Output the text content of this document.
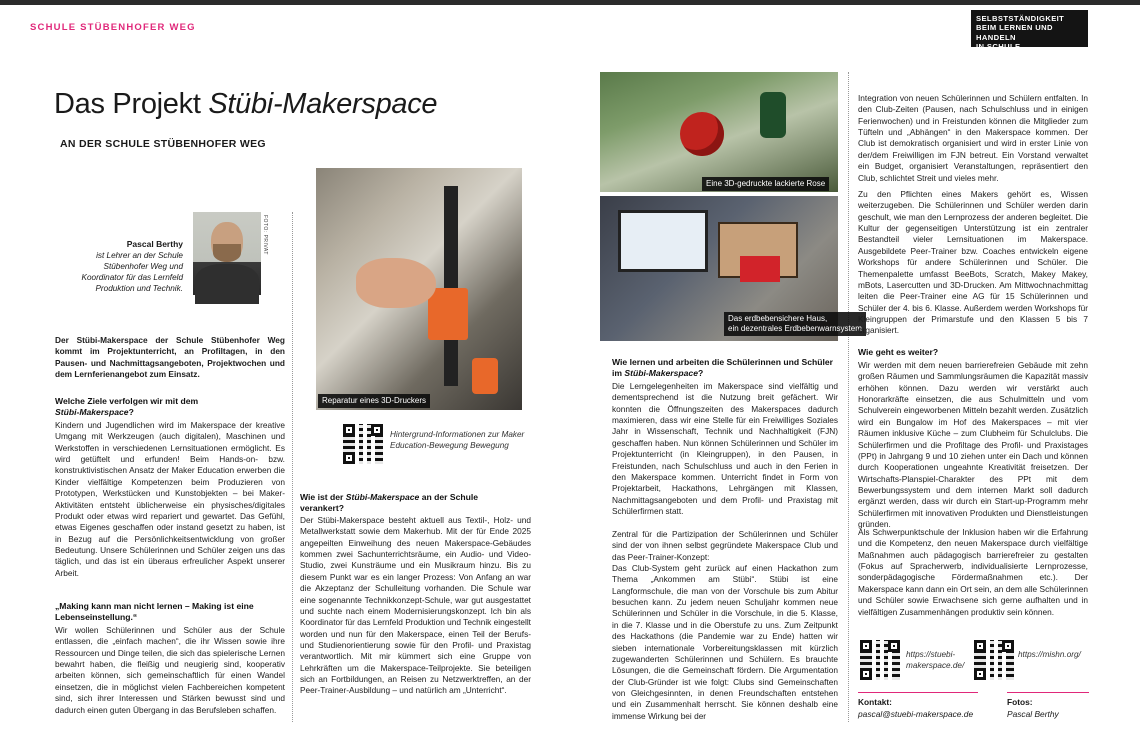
SCHULE STÜBENHOFER WEG
SELBSTSTÄNDIGKEIT
BEIM LERNEN UND HANDELN
IN SCHULE
Das Projekt Stübi-Makerspace
AN DER SCHULE STÜBENHOFER WEG
Pascal Berthy
ist Lehrer an der Schule Stübenhofer Weg und Koordinator für das Lernfeld Produktion und Technik.
FOTO: PRIVAT
Der Stübi-Makerspace der Schule Stübenhofer Weg kommt im Projektunterricht, an Profiltagen, in den Pausen- und Nachmittagsangeboten, Projektwochen und dem Lernferienangebot zum Einsatz.
Welche Ziele verfolgen wir mit dem
Stübi-Makerspace?
Kindern und Jugendlichen wird im Makerspace der kreative Umgang mit Werkzeugen (auch digitalen), Maschinen und Werkstoffen in verschiedenen Lernsituationen ermöglicht. Es wird getüftelt und erfunden! Beim Hands-on- bzw. konstruktivistischen Ansatz der Maker Education erwerben die Kinder vielfältige Kompetenzen beim Produzieren von Prototypen, Werkstücken und Kunstobjekten – bei Maker-Aktivitäten entsteht üblicherweise ein physisches/digitales Produkt oder etwas wird repariert und gewartet. Das Gefühl, etwas Eigenes geschaffen oder instand gesetzt zu haben, ist in Bezug auf die Persönlichkeitsentwicklung von großer Bedeutung. Unsere Schülerinnen und Schüler zeigen uns das täglich, und das ist ein überaus erfreulicher Aspekt unserer Arbeit.
„Making kann man nicht lernen – Making ist eine Lebenseinstellung.“
Wir wollen Schülerinnen und Schüler aus der Schule entlassen, die „einfach machen“, die ihr Wissen sowie ihre Ressourcen und Dinge teilen, die sich das spielerische Lernen bewahrt haben, die fleißig und neugierig sind, kooperativ arbeiten können, sich gemeinschaftlich für einen Wandel einsetzen, die in möglichst vielen Fachbereichen kompetent sind, sich ihrer Interessen und Stärken bewusst sind und dadurch einen guten Übergang in das Berufsleben schaffen.
Reparatur eines 3D-Druckers
Hintergrund-Informationen zur Maker Education-Bewegung Bewegung
Wie ist der Stübi-Makerspace an der Schule verankert?
Der Stübi-Makerspace besteht aktuell aus Textil-, Holz- und Metallwerkstatt sowie dem Makerhub. Mit der für Ende 2025 angepeilten Einweihung des neuen Makerspace-Gebäudes kommen zwei Sachunterrichtsräume, ein Audio- und Video-Studio, zwei Kunsträume und ein Musikraum hinzu. Bis zu diesem Punkt war es ein langer Prozess: Von Anfang an war die Akzeptanz der Schulleitung vorhanden. Die Schule war eine sogenannte Technikkonzept-Schule, war gut ausgestattet und suchte nach einem Modernisierungskonzept. Ich bin als Koordinator für das Lernfeld Produktion und Technik eingestellt worden und nun für den Makerspace, einen Teil der Berufs- und Studienorientierung sowie für den Profil- und Praxistag verantwortlich. Mit mir kümmert sich eine Gruppe von Lehrkräften um die Makerspace-Teilprojekte. Sie beteiligen sich an Fortbildungen, an Reisen zu Netzwerktreffen, an der Peer-Trainer-Ausbildung – und natürlich am „Unterricht“.
Eine 3D-gedruckte lackierte Rose
Das erdbebensichere Haus,
ein dezentrales Erdbebenwarnsystem
Wie lernen und arbeiten die Schülerinnen und Schüler im Stübi-Makerspace?
Die Lerngelegenheiten im Makerspace sind vielfältig und dementsprechend ist die Nutzung breit gefächert. Wir konnten die Öffnungszeiten des Makerspaces dadurch maximieren, dass wir eine Stelle für ein Freiwilliges Soziales Jahr in Wissenschaft, Technik und Nachhaltigkeit (FJN) geschaffen haben. Nun können Schülerinnen und Schüler im Projektunterricht (in Kleingruppen), in den Pausen, in Freistunden, nach Schulschluss und auch in den Ferien in den Makerspace kommen. Unterricht findet in Form von Projektarbeit, Hackathons, Lehrgängen mit Klassen, Nachmittagsangeboten und dem Profil- und Praxistag mit Schülerfirmen statt.
Zentral für die Partizipation der Schülerinnen und Schüler sind der von ihnen selbst gegründete Makerspace Club und das Peer-Trainer-Konzept:
Das Club-System geht zurück auf einen Hackathon zum Thema „Ankommen am Stübi“. Stübi ist eine Langformschule, die man von der Vorschule bis zum Abitur besuchen kann. Zu jedem neuen Schuljahr kommen neue Schülerinnen und Schüler in die Vorschule, in die 5. Klasse, in die 7. Klasse und in die Oberstufe zu uns. Zum Zeitpunkt des Hackathons (die Pandemie war zu Ende) hatten wir sieben internationale Vorbereitungsklassen mit kürzlich zugewanderten Schülerinnen und Schülern. Es brauchte Lösungen, die die Gemeinschaft fördern. Die Argumentation der Club-Gründer ist wie folgt: Clubs sind Gemeinschaften von Gleichgesinnten, in denen Freundschaften entstehen und ein Zusammenhalt herrscht. Sie können deshalb eine immense Wirkung bei der
Integration von neuen Schülerinnen und Schülern entfalten. In den Club-Zeiten (Pausen, nach Schulschluss und in einigen Ferienwochen) und in Freistunden können die Mitglieder zum Tüfteln und „Abhängen“ in den Makerspace kommen. Der Club ist demokratisch organisiert und wird in erster Linie von der/dem Freiwilligen im FJN betreut. Ein Vorstand verwaltet ein Budget, organisiert Veranstaltungen, repräsentiert den Club, schlichtet Streit und vieles mehr.
Zu den Pflichten eines Makers gehört es, Wissen weiterzugeben. Die Schülerinnen und Schüler werden darin geschult, wie man den Lernprozess der anderen begleitet. Die Kultur der gegenseitigen Unterstützung ist ein zentraler Bestandteil vieler Lernsituationen im Makerspace. Ausgebildete Peer-Trainer bzw. Coaches entwickeln eigene Workshops für andere Schülerinnen und Schüler. Die Themenpalette umfasst BeeBots, Scratch, Makey Makey, mBots, Lasercutten und 3D-Drucken. Am Mittwochnachmittag leiten die Peer-Trainer eine AG für 15 Schülerinnen und Schüler der 4. bis 6. Klasse. Außerdem werden Workshops für Kleingruppen der Primarstufe und den Klassen 5 bis 7 organisiert.
Wie geht es weiter?
Wir werden mit dem neuen barrierefreien Gebäude mit zehn großen Räumen und Sammlungsräumen die Kapazität massiv erhöhen können. Dazu werden wir verstärkt auch Honorarkräfte einsetzen, die aus Schulmitteln und vom Schulverein eingeworbenen Mitteln bezahlt werden. Zusätzlich wird ein Bungalow im Hof des Makerspaces – mit vier Räumen inklusive Küche – zum Clubheim für Schulclubs. Die Schülerfirmen und die Profiltage des Profil- und Praxistages (PPt) in Jahrgang 9 und 10 ziehen unter ein Dach und können durch Kooperationen ungeahnte Kreativität freisetzen. Der Wirtschafts-Planspiel-Charakter des PPt mit dem Bewerbungssystem und dem internen Markt soll dadurch ergänzt werden, dass wir durch ein Start-up-Programm mehr Schülerfirmen mit innovativen Produkten und Dienstleistungen gründen.
Als Schwerpunktschule der Inklusion haben wir die Erfahrung und die Kompetenz, den neuen Makerspace durch vielfältige Maßnahmen auch pädagogisch barrierefreier zu gestalten (Fokus auf Spracherwerb, individualisierte Lernprozesse, sonderpädagogische Fördermaßnahmen etc.). Der Makerspace kann dann ein Ort sein, an dem alle Schülerinnen und Schüler sowie Erwachsene sich gerne aufhalten und in vielfältigen Zusammenhängen produktiv sein können.
https://stuebi-makerspace.de/
https://mishn.org/
Kontakt:
pascal@stuebi-makerspace.de
Fotos:
Pascal Berthy
